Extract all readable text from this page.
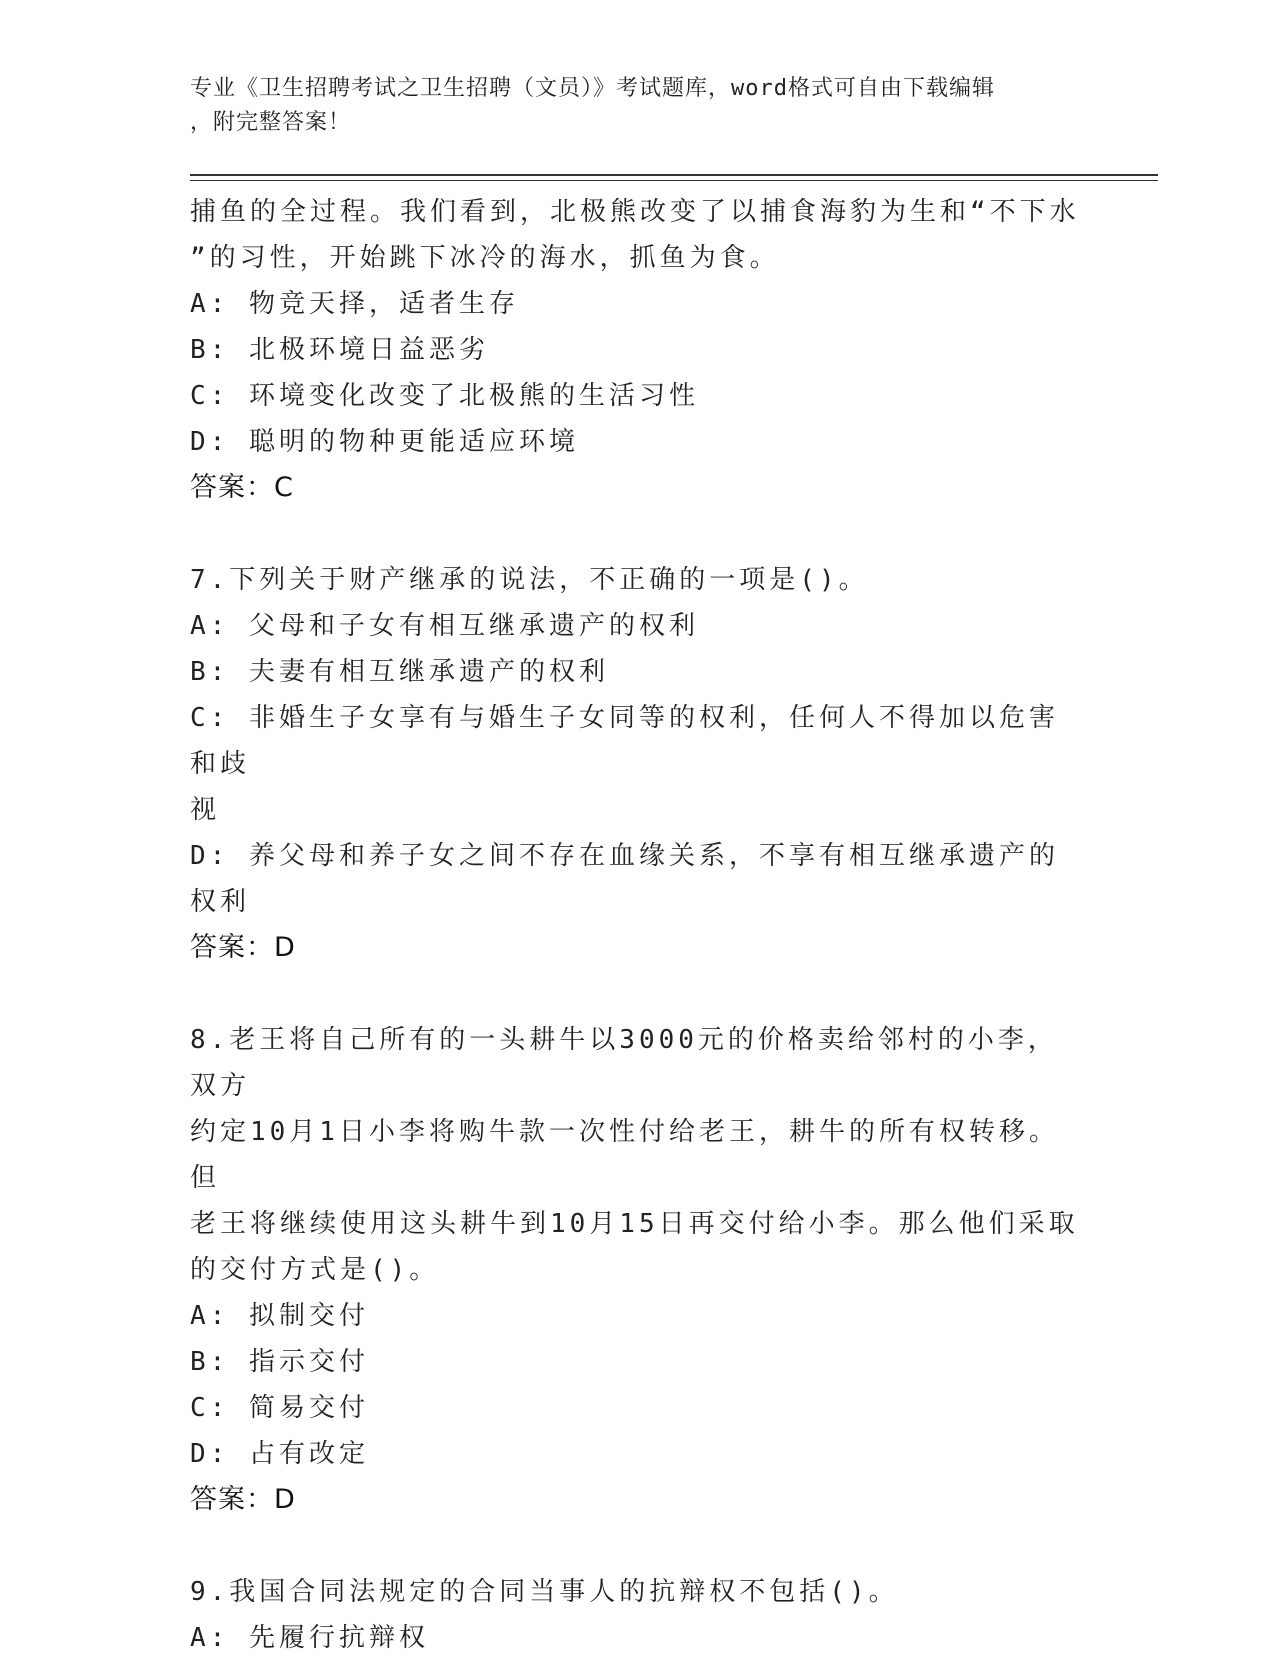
专业《卫生招聘考试之卫生招聘（文员）》考试题库，word格式可自由下载编辑
，附完整答案！

捕鱼的全过程。我们看到，北极熊改变了以捕食海豹为生和“不下水

”的习性，开始跳下冰冷的海水，抓鱼为食。

A: 物竞天择，适者生存

B: 北极环境日益恶劣

C: 环境变化改变了北极熊的生活习性

D: 聪明的物种更能适应环境

答案：C

7.下列关于财产继承的说法，不正确的一项是()。

A: 父母和子女有相互继承遗产的权利

B: 夫妻有相互继承遗产的权利

C: 非婚生子女享有与婚生子女同等的权利，任何人不得加以危害和歧

视

D: 养父母和养子女之间不存在血缘关系，不享有相互继承遗产的权利

答案：D

8.老王将自己所有的一头耕牛以3000元的价格卖给邻村的小李，双方

约定10月1日小李将购牛款一次性付给老王，耕牛的所有权转移。但

老王将继续使用这头耕牛到10月15日再交付给小李。那么他们采取

的交付方式是()。

A: 拟制交付

B: 指示交付

C: 简易交付

D: 占有改定

答案：D

9.我国合同法规定的合同当事人的抗辩权不包括()。

A: 先履行抗辩权
